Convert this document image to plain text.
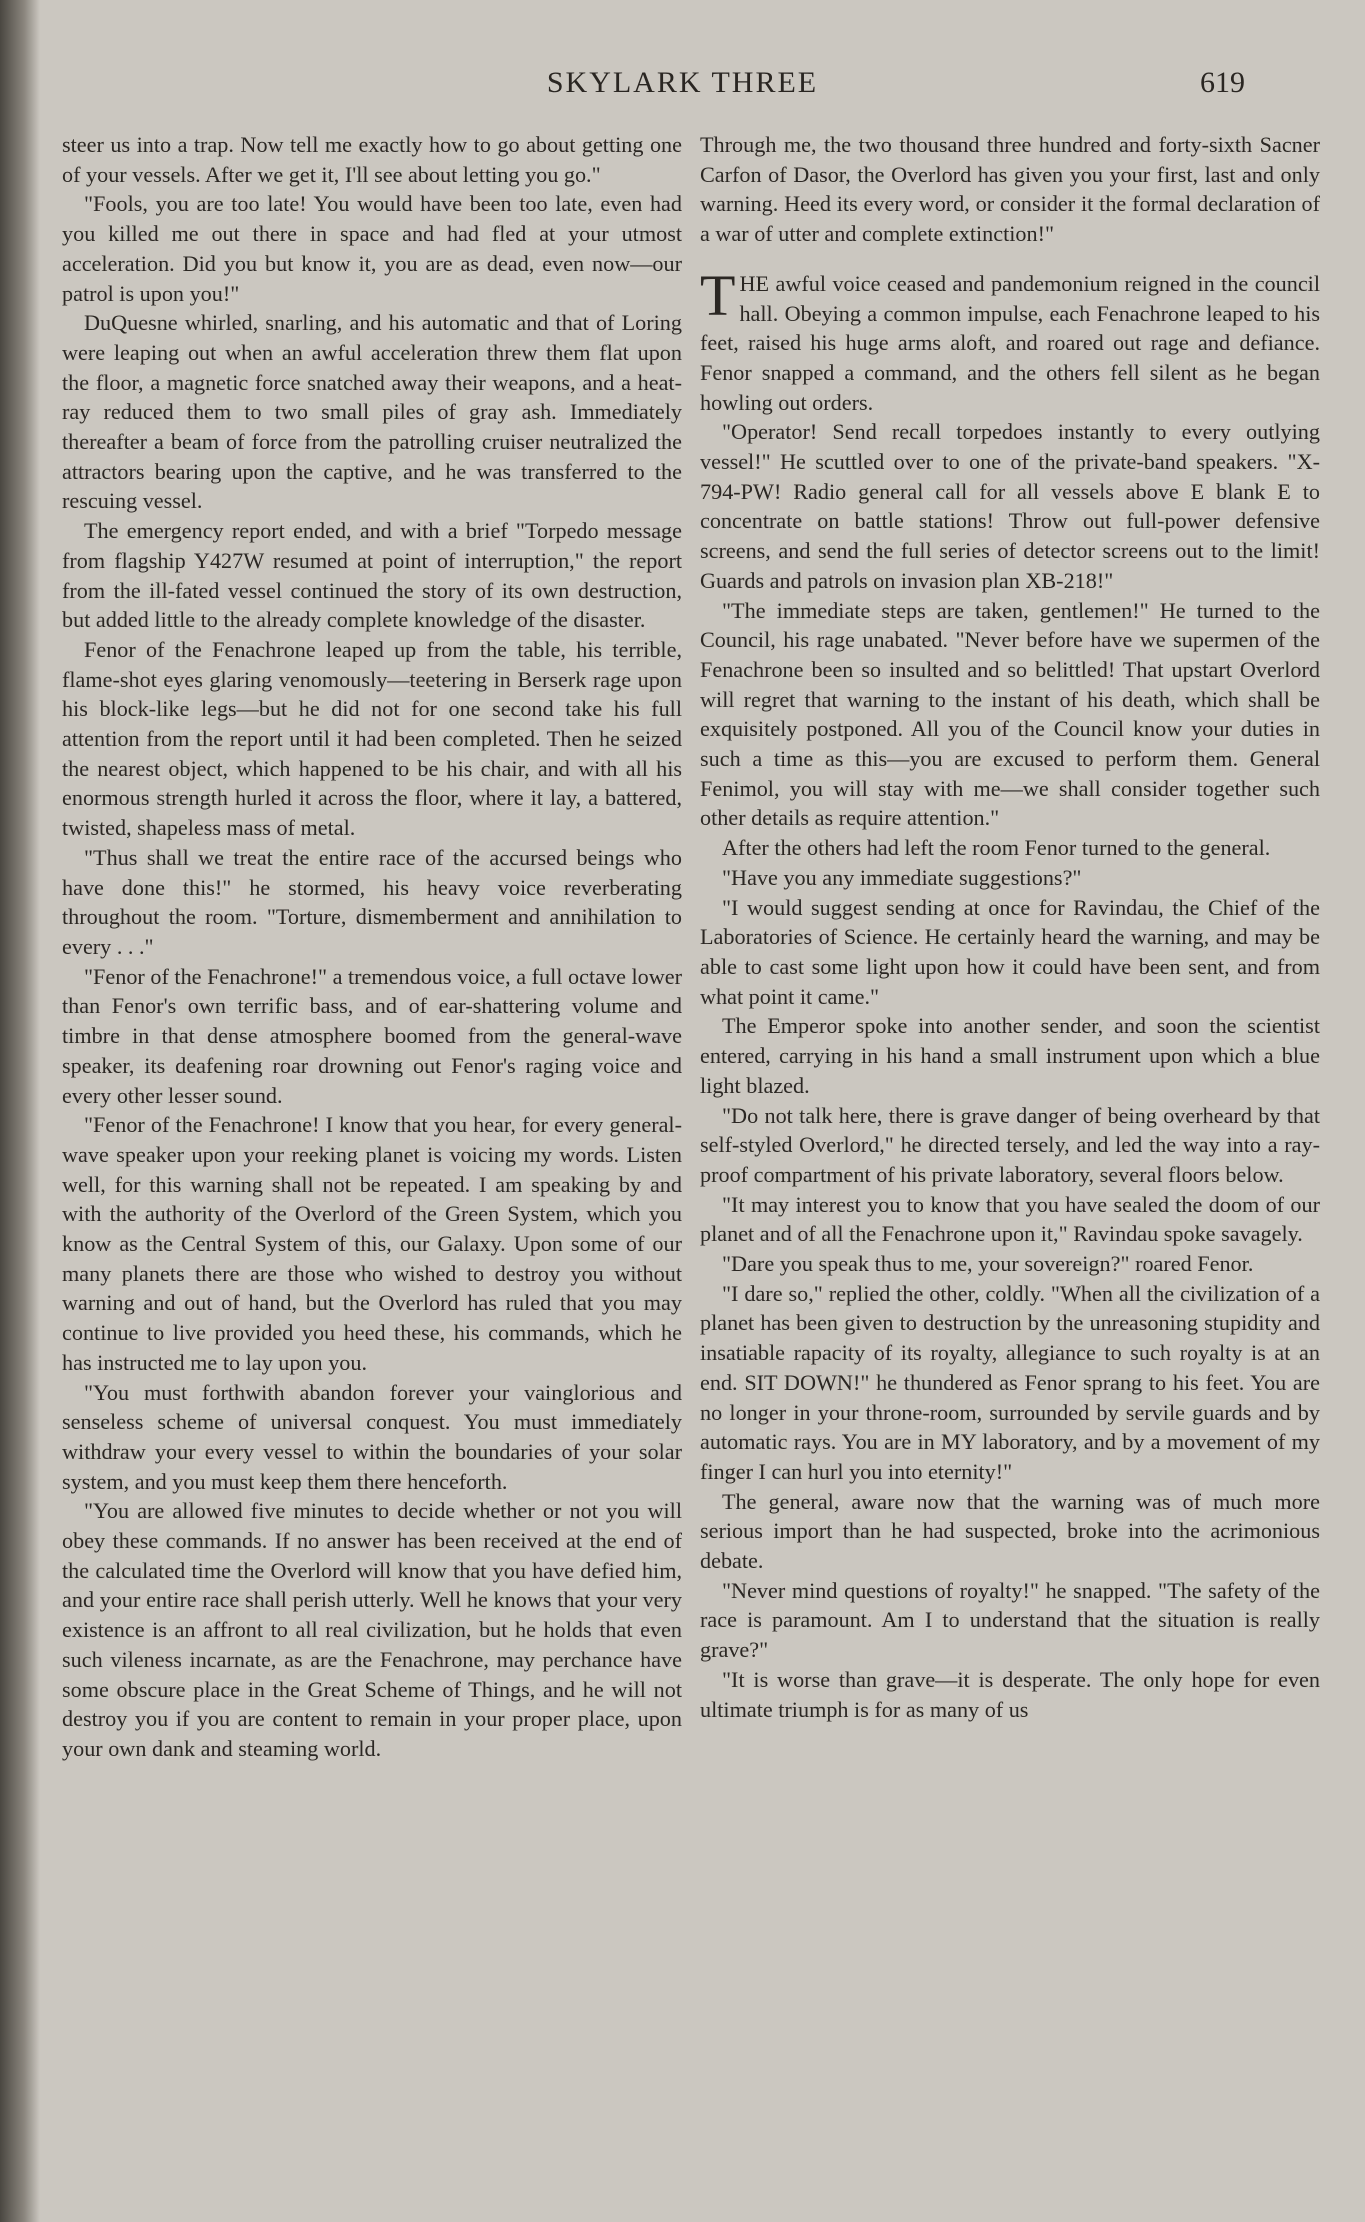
SKYLARK THREE	619

steer us into a trap. Now tell me exactly how to go about getting one of your vessels. After we get it, I'll see about letting you go."

"Fools, you are too late! You would have been too late, even had you killed me out there in space and had fled at your utmost acceleration. Did you but know it, you are as dead, even now—our patrol is upon you!"

DuQuesne whirled, snarling, and his automatic and that of Loring were leaping out when an awful acceleration threw them flat upon the floor, a magnetic force snatched away their weapons, and a heat-ray reduced them to two small piles of gray ash. Immediately thereafter a beam of force from the patrolling cruiser neutralized the attractors bearing upon the captive, and he was transferred to the rescuing vessel.

The emergency report ended, and with a brief "Torpedo message from flagship Y427W resumed at point of interruption," the report from the ill-fated vessel continued the story of its own destruction, but added little to the already complete knowledge of the disaster.

Fenor of the Fenachrone leaped up from the table, his terrible, flame-shot eyes glaring venomously—teetering in Berserk rage upon his block-like legs—but he did not for one second take his full attention from the report until it had been completed. Then he seized the nearest object, which happened to be his chair, and with all his enormous strength hurled it across the floor, where it lay, a battered, twisted, shapeless mass of metal.

"Thus shall we treat the entire race of the accursed beings who have done this!" he stormed, his heavy voice reverberating throughout the room. "Torture, dismemberment and annihilation to every . . ."

"Fenor of the Fenachrone!" a tremendous voice, a full octave lower than Fenor's own terrific bass, and of ear-shattering volume and timbre in that dense atmosphere boomed from the general-wave speaker, its deafening roar drowning out Fenor's raging voice and every other lesser sound.

"Fenor of the Fenachrone! I know that you hear, for every general-wave speaker upon your reeking planet is voicing my words. Listen well, for this warning shall not be repeated. I am speaking by and with the authority of the Overlord of the Green System, which you know as the Central System of this, our Galaxy. Upon some of our many planets there are those who wished to destroy you without warning and out of hand, but the Overlord has ruled that you may continue to live provided you heed these, his commands, which he has instructed me to lay upon you.

"You must forthwith abandon forever your vainglorious and senseless scheme of universal conquest. You must immediately withdraw your every vessel to within the boundaries of your solar system, and you must keep them there henceforth.

"You are allowed five minutes to decide whether or not you will obey these commands. If no answer has been received at the end of the calculated time the Overlord will know that you have defied him, and your entire race shall perish utterly. Well he knows that your very existence is an affront to all real civilization, but he holds that even such vileness incarnate, as are the Fenachrone, may perchance have some obscure place in the Great Scheme of Things, and he will not destroy you if you are content to remain in your proper place, upon your own dank and steaming world.

Through me, the two thousand three hundred and forty-sixth Sacner Carfon of Dasor, the Overlord has given you your first, last and only warning. Heed its every word, or consider it the formal declaration of a war of utter and complete extinction!"

THE awful voice ceased and pandemonium reigned in the council hall. Obeying a common impulse, each Fenachrone leaped to his feet, raised his huge arms aloft, and roared out rage and defiance. Fenor snapped a command, and the others fell silent as he began howling out orders.

"Operator! Send recall torpedoes instantly to every outlying vessel!" He scuttled over to one of the private-band speakers. "X-794-PW! Radio general call for all vessels above E blank E to concentrate on battle stations! Throw out full-power defensive screens, and send the full series of detector screens out to the limit! Guards and patrols on invasion plan XB-218!"

"The immediate steps are taken, gentlemen!" He turned to the Council, his rage unabated. "Never before have we supermen of the Fenachrone been so insulted and so belittled! That upstart Overlord will regret that warning to the instant of his death, which shall be exquisitely postponed. All you of the Council know your duties in such a time as this—you are excused to perform them. General Fenimol, you will stay with me—we shall consider together such other details as require attention."

After the others had left the room Fenor turned to the general.

"Have you any immediate suggestions?"

"I would suggest sending at once for Ravindau, the Chief of the Laboratories of Science. He certainly heard the warning, and may be able to cast some light upon how it could have been sent, and from what point it came."

The Emperor spoke into another sender, and soon the scientist entered, carrying in his hand a small instrument upon which a blue light blazed.

"Do not talk here, there is grave danger of being overheard by that self-styled Overlord," he directed tersely, and led the way into a ray-proof compartment of his private laboratory, several floors below.

"It may interest you to know that you have sealed the doom of our planet and of all the Fenachrone upon it," Ravindau spoke savagely.

"Dare you speak thus to me, your sovereign?" roared Fenor.

"I dare so," replied the other, coldly. "When all the civilization of a planet has been given to destruction by the unreasoning stupidity and insatiable rapacity of its royalty, allegiance to such royalty is at an end. SIT DOWN!" he thundered as Fenor sprang to his feet. You are no longer in your throne-room, surrounded by servile guards and by automatic rays. You are in MY laboratory, and by a movement of my finger I can hurl you into eternity!"

The general, aware now that the warning was of much more serious import than he had suspected, broke into the acrimonious debate.

"Never mind questions of royalty!" he snapped. "The safety of the race is paramount. Am I to understand that the situation is really grave?"

"It is worse than grave—it is desperate. The only hope for even ultimate triumph is for as many of us
